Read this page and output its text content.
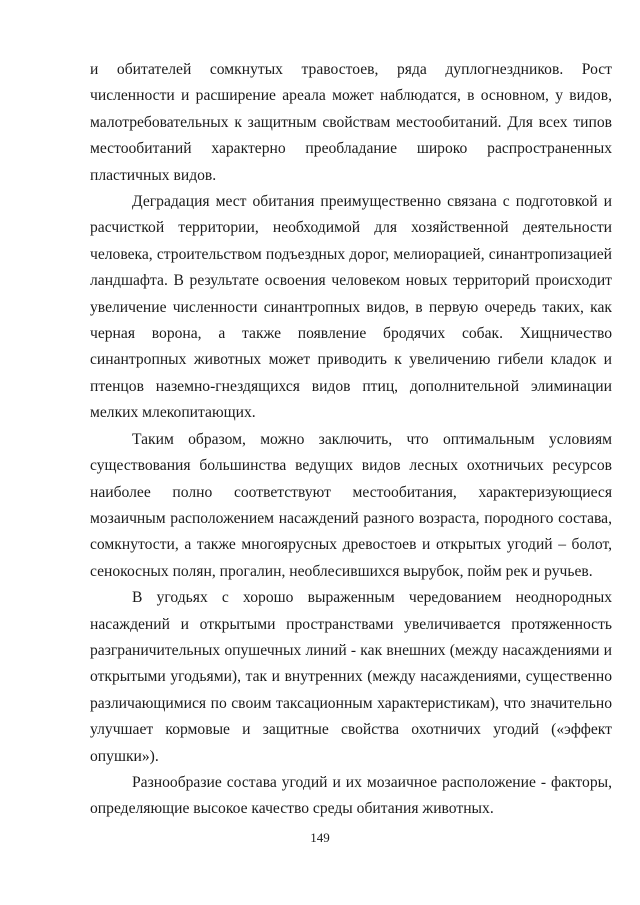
и обитателей сомкнутых травостоев, ряда дуплогнездников. Рост численности и расширение ареала может наблюдатся, в основном, у видов, малотребовательных к защитным свойствам местообитаний. Для всех типов местообитаний характерно преобладание широко распространенных пластичных видов.

Деградация мест обитания преимущественно связана с подготовкой и расчисткой территории, необходимой для хозяйственной деятельности человека, строительством подъездных дорог, мелиорацией, синантропизацией ландшафта. В результате освоения человеком новых территорий происходит увеличение численности синантропных видов, в первую очередь таких, как черная ворона, а также появление бродячих собак. Хищничество синантропных животных может приводить к увеличению гибели кладок и птенцов наземно-гнездящихся видов птиц, дополнительной элиминации мелких млекопитающих.

Таким образом, можно заключить, что оптимальным условиям существования большинства ведущих видов лесных охотничьих ресурсов наиболее полно соответствуют местообитания, характеризующиеся мозаичным расположением насаждений разного возраста, породного состава, сомкнутости, а также многоярусных древостоев и открытых угодий – болот, сенокосных полян, прогалин, необлесившихся вырубок, пойм рек и ручьев.

В угодьях с хорошо выраженным чередованием неоднородных насаждений и открытыми пространствами увеличивается протяженность разграничительных опушечных линий - как внешних (между насаждениями и открытыми угодьями), так и внутренних (между насаждениями, существенно различающимися по своим таксационным характеристикам), что значительно улучшает кормовые и защитные свойства охотничих угодий («эффект опушки»).

Разнообразие состава угодий и их мозаичное расположение - факторы, определяющие высокое качество среды обитания животных.

149
